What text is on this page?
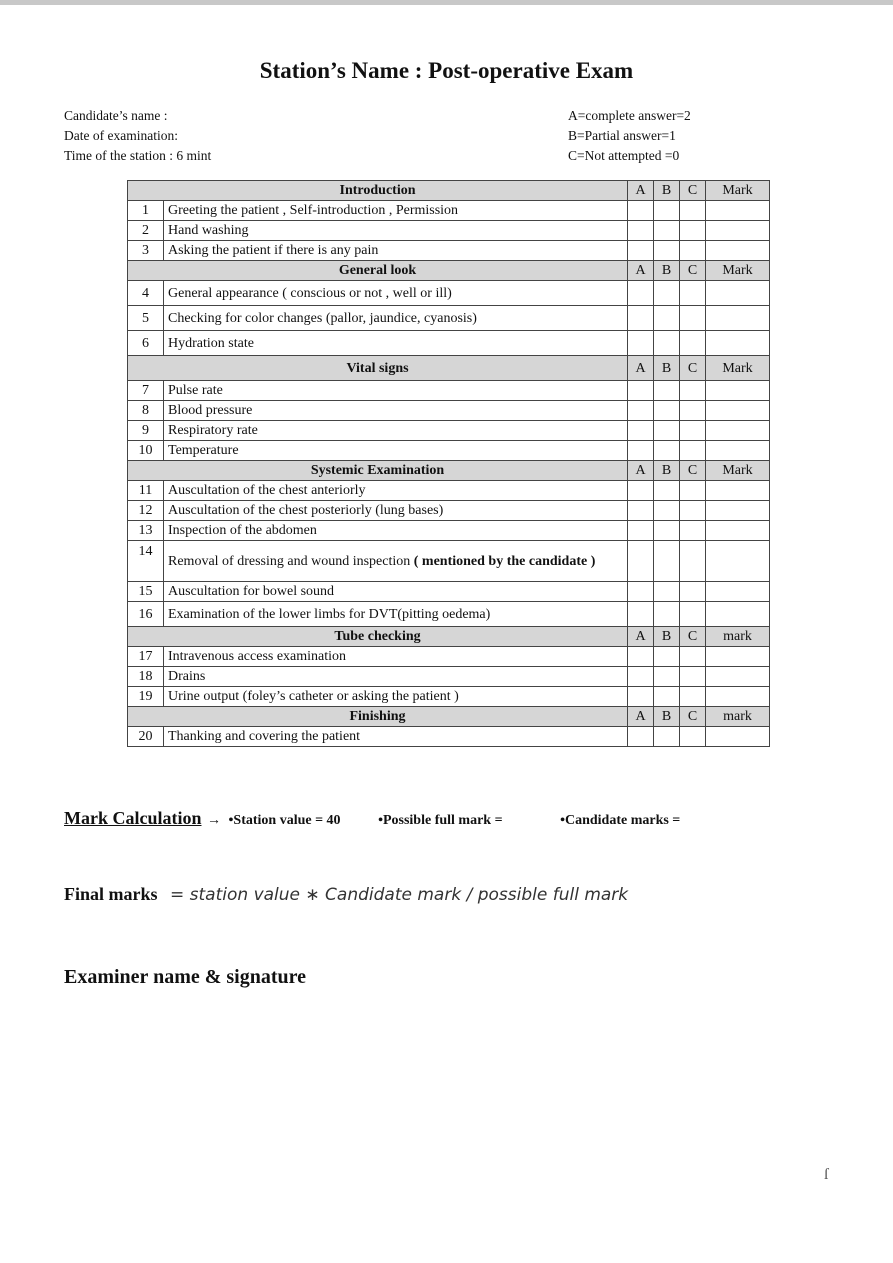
Station’s Name : Post-operative Exam
Candidate’s name :
Date of examination:
Time of the station : 6 mint
A=complete answer=2
B=Partial answer=1
C=Not attempted =0
Introduction		A	B	C	Mark
1	Greeting the patient , Self-introduction , Permission				
2	Hand washing				
3	Asking the patient if there is any pain				
General look		A	B	C	Mark
4	General appearance ( conscious or not , well or ill)				
5	Checking for color changes (pallor, jaundice, cyanosis)				
6	Hydration state				
Vital signs		A	B	C	Mark
7	Pulse rate				
8	Blood pressure				
9	Respiratory rate				
10	Temperature				
Systemic Examination		A	B	C	Mark
11	Auscultation of the chest anteriorly				
12	Auscultation of the chest posteriorly (lung bases)				
13	Inspection of the abdomen				
14	Removal of dressing and wound inspection ( mentioned by the candidate )				
15	Auscultation for bowel sound				
16	Examination of the lower limbs for DVT(pitting oedema)				
Tube checking		A	B	C	mark
17	Intravenous access examination				
18	Drains				
19	Urine output (foley’s catheter or asking the patient )				
Finishing		A	B	C	mark
20	Thanking and covering the patient				
Mark Calculation → •Station value = 40	•Possible full mark =	•Candidate marks =
Final marks = station value ∗ Candidate mark / possible full mark
Examiner name & signature
ſ
